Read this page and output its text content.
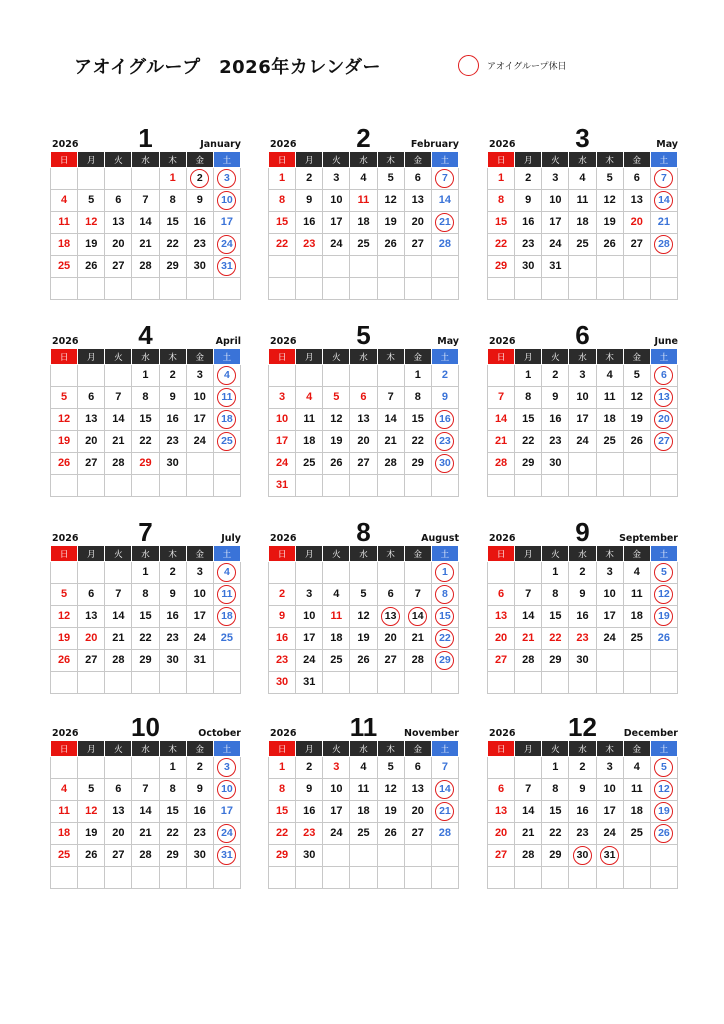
アオイグループ　2026年カレンダー	アオイグループ休日
2026	1	January
日	月	火	水	木	金	土
				1	2	3
4	5	6	7	8	9	10
11	12	13	14	15	16	17
18	19	20	21	22	23	24
25	26	27	28	29	30	31

2026	2	February
日	月	火	水	木	金	土
1	2	3	4	5	6	7
8	9	10	11	12	13	14
15	16	17	18	19	20	21
22	23	24	25	26	27	28

2026	3	May
日	月	火	水	木	金	土
1	2	3	4	5	6	7
8	9	10	11	12	13	14
15	16	17	18	19	20	21
22	23	24	25	26	27	28
29	30	31				

2026	4	April
日	月	火	水	木	金	土
			1	2	3	4
5	6	7	8	9	10	11
12	13	14	15	16	17	18
19	20	21	22	23	24	25
26	27	28	29	30		

2026	5	May
日	月	火	水	木	金	土
					1	2
3	4	5	6	7	8	9
10	11	12	13	14	15	16
17	18	19	20	21	22	23
24	25	26	27	28	29	30
31						
2026	6	June
日	月	火	水	木	金	土
	1	2	3	4	5	6
7	8	9	10	11	12	13
14	15	16	17	18	19	20
21	22	23	24	25	26	27
28	29	30				

2026	7	July
日	月	火	水	木	金	土
			1	2	3	4
5	6	7	8	9	10	11
12	13	14	15	16	17	18
19	20	21	22	23	24	25
26	27	28	29	30	31	

2026	8	August
日	月	火	水	木	金	土
						1
2	3	4	5	6	7	8
9	10	11	12	13	14	15
16	17	18	19	20	21	22
23	24	25	26	27	28	29
30	31					
2026	9	September
日	月	火	水	木	金	土
		1	2	3	4	5
6	7	8	9	10	11	12
13	14	15	16	17	18	19
20	21	22	23	24	25	26
27	28	29	30			

2026	10	October
日	月	火	水	木	金	土
				1	2	3
4	5	6	7	8	9	10
11	12	13	14	15	16	17
18	19	20	21	22	23	24
25	26	27	28	29	30	31

2026	11	November
日	月	火	水	木	金	土
1	2	3	4	5	6	7
8	9	10	11	12	13	14
15	16	17	18	19	20	21
22	23	24	25	26	27	28
29	30					

2026	12	December
日	月	火	水	木	金	土
		1	2	3	4	5
6	7	8	9	10	11	12
13	14	15	16	17	18	19
20	21	22	23	24	25	26
27	28	29	30	31		
